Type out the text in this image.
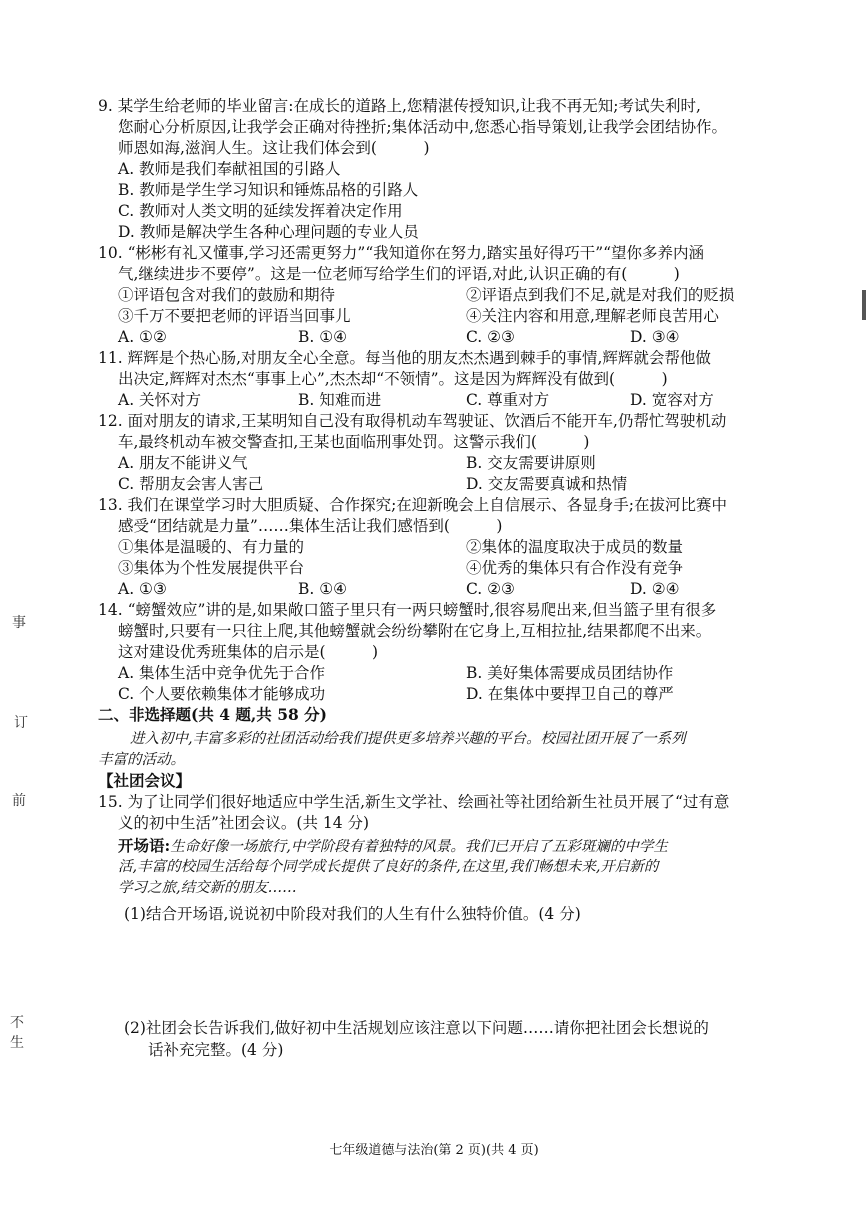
9. 某学生给老师的毕业留言:在成长的道路上,您精湛传授知识,让我不再无知;考试失利时,
您耐心分析原因,让我学会正确对待挫折;集体活动中,您悉心指导策划,让我学会团结协作。
师恩如海,滋润人生。这让我们体会到(　　　)
A. 教师是我们奉献祖国的引路人
B. 教师是学生学习知识和锤炼品格的引路人
C. 教师对人类文明的延续发挥着决定作用
D. 教师是解决学生各种心理问题的专业人员
10. “彬彬有礼又懂事,学习还需更努力”“我知道你在努力,踏实虽好得巧干”“望你多养内涵
气,继续进步不要停”。这是一位老师写给学生们的评语,对此,认识正确的有(　　　)
①评语包含对我们的鼓励和期待	②评语点到我们不足,就是对我们的贬损
③千万不要把老师的评语当回事儿	④关注内容和用意,理解老师良苦用心
A. ①②	B. ①④	C. ②③	D. ③④
11. 辉辉是个热心肠,对朋友全心全意。每当他的朋友杰杰遇到棘手的事情,辉辉就会帮他做
出决定,辉辉对杰杰“事事上心”,杰杰却“不领情”。这是因为辉辉没有做到(　　　)
A. 关怀对方	B. 知难而进	C. 尊重对方	D. 宽容对方
12. 面对朋友的请求,王某明知自己没有取得机动车驾驶证、饮酒后不能开车,仍帮忙驾驶机动
车,最终机动车被交警查扣,王某也面临刑事处罚。这警示我们(　　　)
A. 朋友不能讲义气	B. 交友需要讲原则
C. 帮朋友会害人害己	D. 交友需要真诚和热情
13. 我们在课堂学习时大胆质疑、合作探究;在迎新晚会上自信展示、各显身手;在拔河比赛中
感受“团结就是力量”……集体生活让我们感悟到(　　　)
①集体是温暖的、有力量的	②集体的温度取决于成员的数量
③集体为个性发展提供平台	④优秀的集体只有合作没有竞争
A. ①③	B. ①④	C. ②③	D. ②④
14. “螃蟹效应”讲的是,如果敞口篮子里只有一两只螃蟹时,很容易爬出来,但当篮子里有很多
螃蟹时,只要有一只往上爬,其他螃蟹就会纷纷攀附在它身上,互相拉扯,结果都爬不出来。
这对建设优秀班集体的启示是(　　　)
A. 集体生活中竞争优先于合作	B. 美好集体需要成员团结协作
C. 个人要依赖集体才能够成功	D. 在集体中要捍卫自己的尊严
二、非选择题(共 4 题,共 58 分)
进入初中,丰富多彩的社团活动给我们提供更多培养兴趣的平台。校园社团开展了一系列
丰富的活动。
【社团会议】
15. 为了让同学们很好地适应中学生活,新生文学社、绘画社等社团给新生社员开展了“过有意
义的初中生活”社团会议。(共 14 分)
开场语:生命好像一场旅行,中学阶段有着独特的风景。我们已开启了五彩斑斓的中学生
活,丰富的校园生活给每个同学成长提供了良好的条件,在这里,我们畅想未来,开启新的
学习之旅,结交新的朋友……
(1)结合开场语,说说初中阶段对我们的人生有什么独特价值。(4 分)
(2)社团会长告诉我们,做好初中生活规划应该注意以下问题……请你把社团会长想说的
话补充完整。(4 分)
事
订
前
不
生
七年级道德与法治(第 2 页)(共 4 页)
